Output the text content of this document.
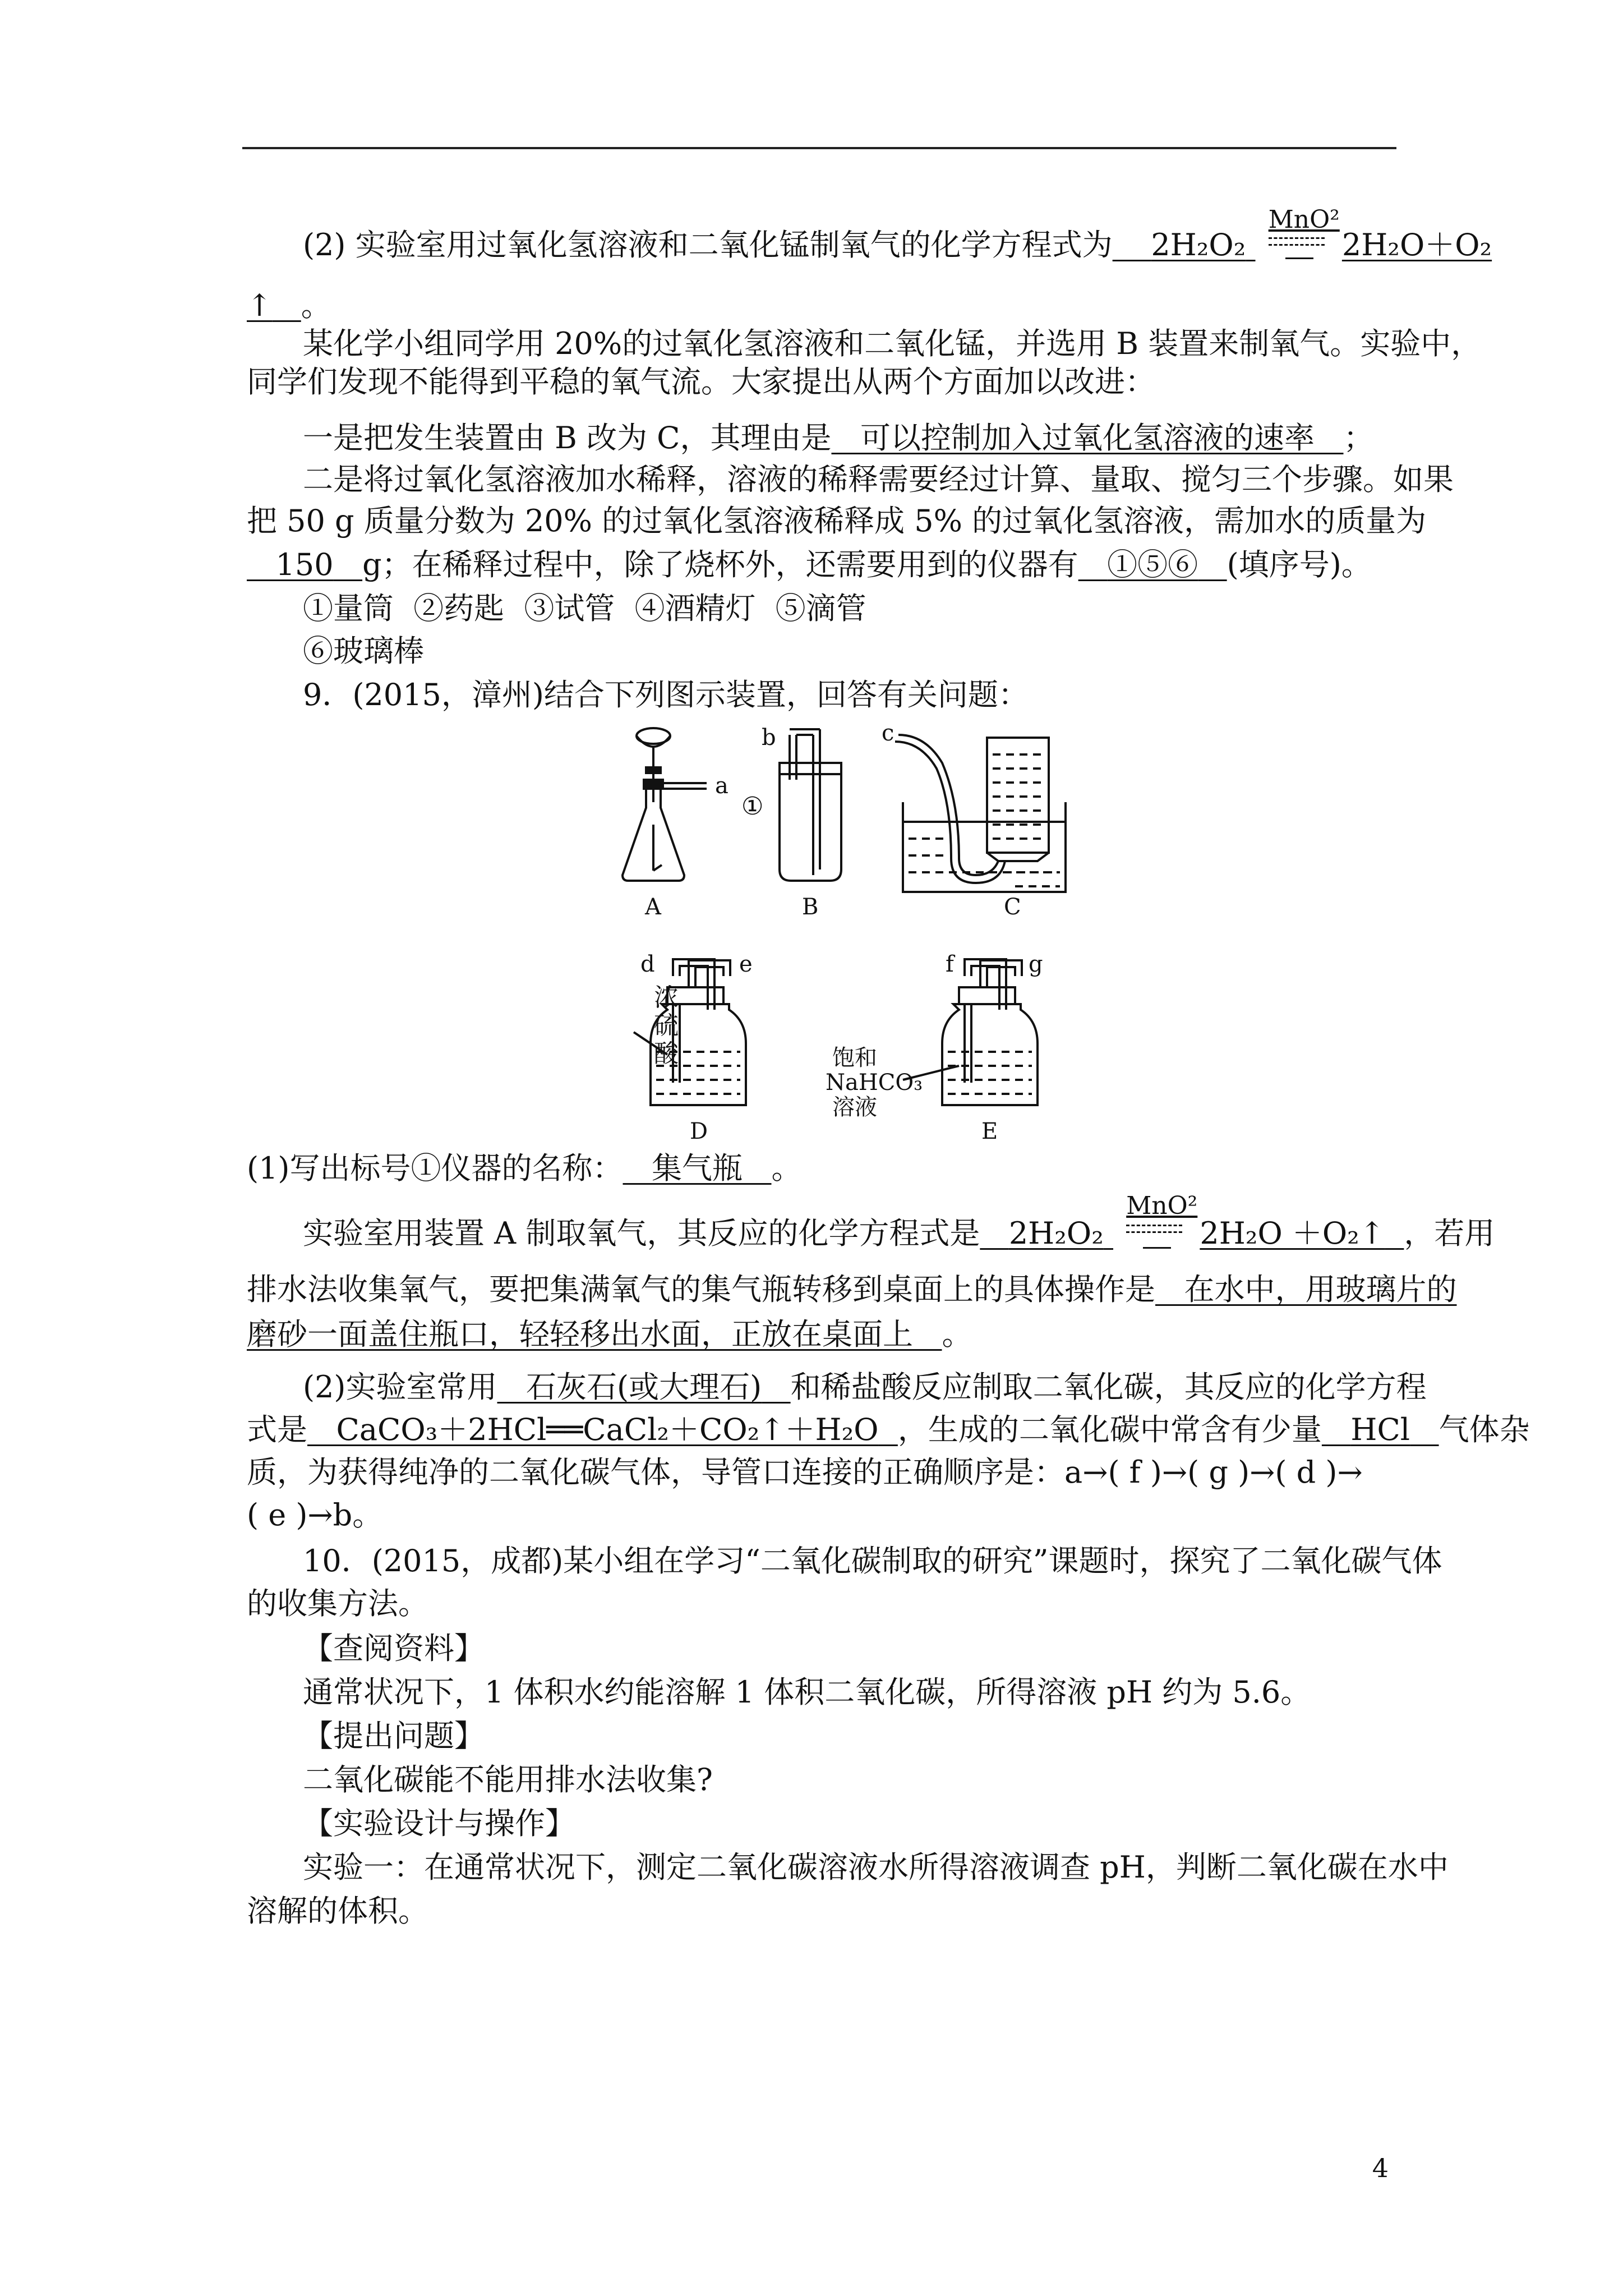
(2) 实验室用过氧化氢溶液和二氧化锰制氧气的化学方程式为 2H₂O₂
MnO²
2H₂O＋O₂
↑ 。
某化学小组同学用 20%的过氧化氢溶液和二氧化锰，并选用 B 装置来制氧气。实验中，
同学们发现不能得到平稳的氧气流。大家提出从两个方面加以改进：
一是把发生装置由 B 改为 C，其理由是 可以控制加入过氧化氢溶液的速率 ；
二是将过氧化氢溶液加水稀释，溶液的稀释需要经过计算、量取、搅匀三个步骤。如果
把 50 g 质量分数为 20% 的过氧化氢溶液稀释成 5% 的过氧化氢溶液，需加水的质量为
150 g；在稀释过程中，除了烧杯外，还需要用到的仪器有 ①⑤⑥ (填序号)。
①量筒 ②药匙 ③试管 ④酒精灯 ⑤滴管
⑥玻璃棒
9．(2015，漳州)结合下列图示装置，回答有关问题：
a
A
b
①
B
c
C
d	e
D
f	g
E
浓
硫
酸	饱和
NaHCO₃
溶液
(1)写出标号①仪器的名称： 集气瓶 。
实验室用装置 A 制取氧气，其反应的化学方程式是 2H₂O₂
MnO²
2H₂O ＋O₂↑ ，若用
排水法收集氧气，要把集满氧气的集气瓶转移到桌面上的具体操作是 在水中，用玻璃片的
磨砂一面盖住瓶口，轻轻移出水面，正放在桌面上 。
(2)实验室常用 石灰石(或大理石) 和稀盐酸反应制取二氧化碳，其反应的化学方程
式是 CaCO₃＋2HCl══CaCl₂＋CO₂↑＋H₂O ，生成的二氧化碳中常含有少量 HCl 气体杂
质，为获得纯净的二氧化碳气体，导管口连接的正确顺序是：a→( f )→( g )→( d )→
( e )→b。
10．(2015，成都)某小组在学习“二氧化碳制取的研究”课题时，探究了二氧化碳气体
的收集方法。
【查阅资料】
通常状况下，1 体积水约能溶解 1 体积二氧化碳，所得溶液 pH 约为 5.6。
【提出问题】
二氧化碳能不能用排水法收集?
【实验设计与操作】
实验一：在通常状况下，测定二氧化碳溶液水所得溶液调查 pH，判断二氧化碳在水中
溶解的体积。
4
